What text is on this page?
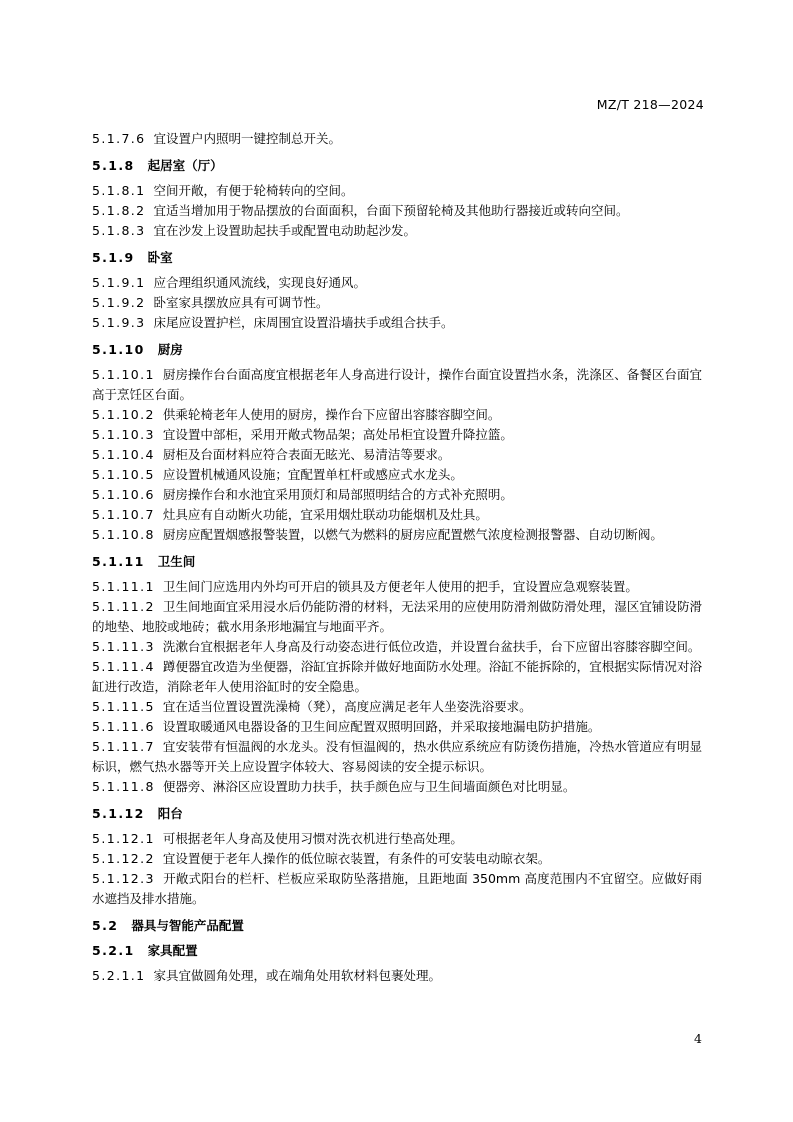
MZ/T 218—2024
5.1.7.6 宜设置户内照明一键控制总开关。
5.1.8 起居室（厅）
5.1.8.1 空间开敞，有便于轮椅转向的空间。
5.1.8.2 宜适当增加用于物品摆放的台面面积，台面下预留轮椅及其他助行器接近或转向空间。
5.1.8.3 宜在沙发上设置助起扶手或配置电动助起沙发。
5.1.9 卧室
5.1.9.1 应合理组织通风流线，实现良好通风。
5.1.9.2 卧室家具摆放应具有可调节性。
5.1.9.3 床尾应设置护栏，床周围宜设置沿墙扶手或组合扶手。
5.1.10 厨房
5.1.10.1 厨房操作台台面高度宜根据老年人身高进行设计，操作台面宜设置挡水条，洗涤区、备餐区台面宜高于烹饪区台面。
5.1.10.2 供乘轮椅老年人使用的厨房，操作台下应留出容膝容脚空间。
5.1.10.3 宜设置中部柜，采用开敞式物品架；高处吊柜宜设置升降拉篮。
5.1.10.4 厨柜及台面材料应符合表面无眩光、易清洁等要求。
5.1.10.5 应设置机械通风设施；宜配置单杠杆或感应式水龙头。
5.1.10.6 厨房操作台和水池宜采用顶灯和局部照明结合的方式补充照明。
5.1.10.7 灶具应有自动断火功能，宜采用烟灶联动功能烟机及灶具。
5.1.10.8 厨房应配置烟感报警装置，以燃气为燃料的厨房应配置燃气浓度检测报警器、自动切断阀。
5.1.11 卫生间
5.1.11.1 卫生间门应选用内外均可开启的锁具及方便老年人使用的把手，宜设置应急观察装置。
5.1.11.2 卫生间地面宜采用浸水后仍能防滑的材料，无法采用的应使用防滑剂做防滑处理，湿区宜铺设防滑的地垫、地胶或地砖；截水用条形地漏宜与地面平齐。
5.1.11.3 洗漱台宜根据老年人身高及行动姿态进行低位改造，并设置台盆扶手，台下应留出容膝容脚空间。
5.1.11.4 蹲便器宜改造为坐便器，浴缸宜拆除并做好地面防水处理。浴缸不能拆除的，宜根据实际情况对浴缸进行改造，消除老年人使用浴缸时的安全隐患。
5.1.11.5 宜在适当位置设置洗澡椅（凳），高度应满足老年人坐姿洗浴要求。
5.1.11.6 设置取暖通风电器设备的卫生间应配置双照明回路，并采取接地漏电防护措施。
5.1.11.7 宜安装带有恒温阀的水龙头。没有恒温阀的，热水供应系统应有防烫伤措施，冷热水管道应有明显标识，燃气热水器等开关上应设置字体较大、容易阅读的安全提示标识。
5.1.11.8 便器旁、淋浴区应设置助力扶手，扶手颜色应与卫生间墙面颜色对比明显。
5.1.12 阳台
5.1.12.1 可根据老年人身高及使用习惯对洗衣机进行垫高处理。
5.1.12.2 宜设置便于老年人操作的低位晾衣装置，有条件的可安装电动晾衣架。
5.1.12.3 开敞式阳台的栏杆、栏板应采取防坠落措施，且距地面 350mm 高度范围内不宜留空。应做好雨水遮挡及排水措施。
5.2 器具与智能产品配置
5.2.1 家具配置
5.2.1.1 家具宜做圆角处理，或在端角处用软材料包裹处理。
4
